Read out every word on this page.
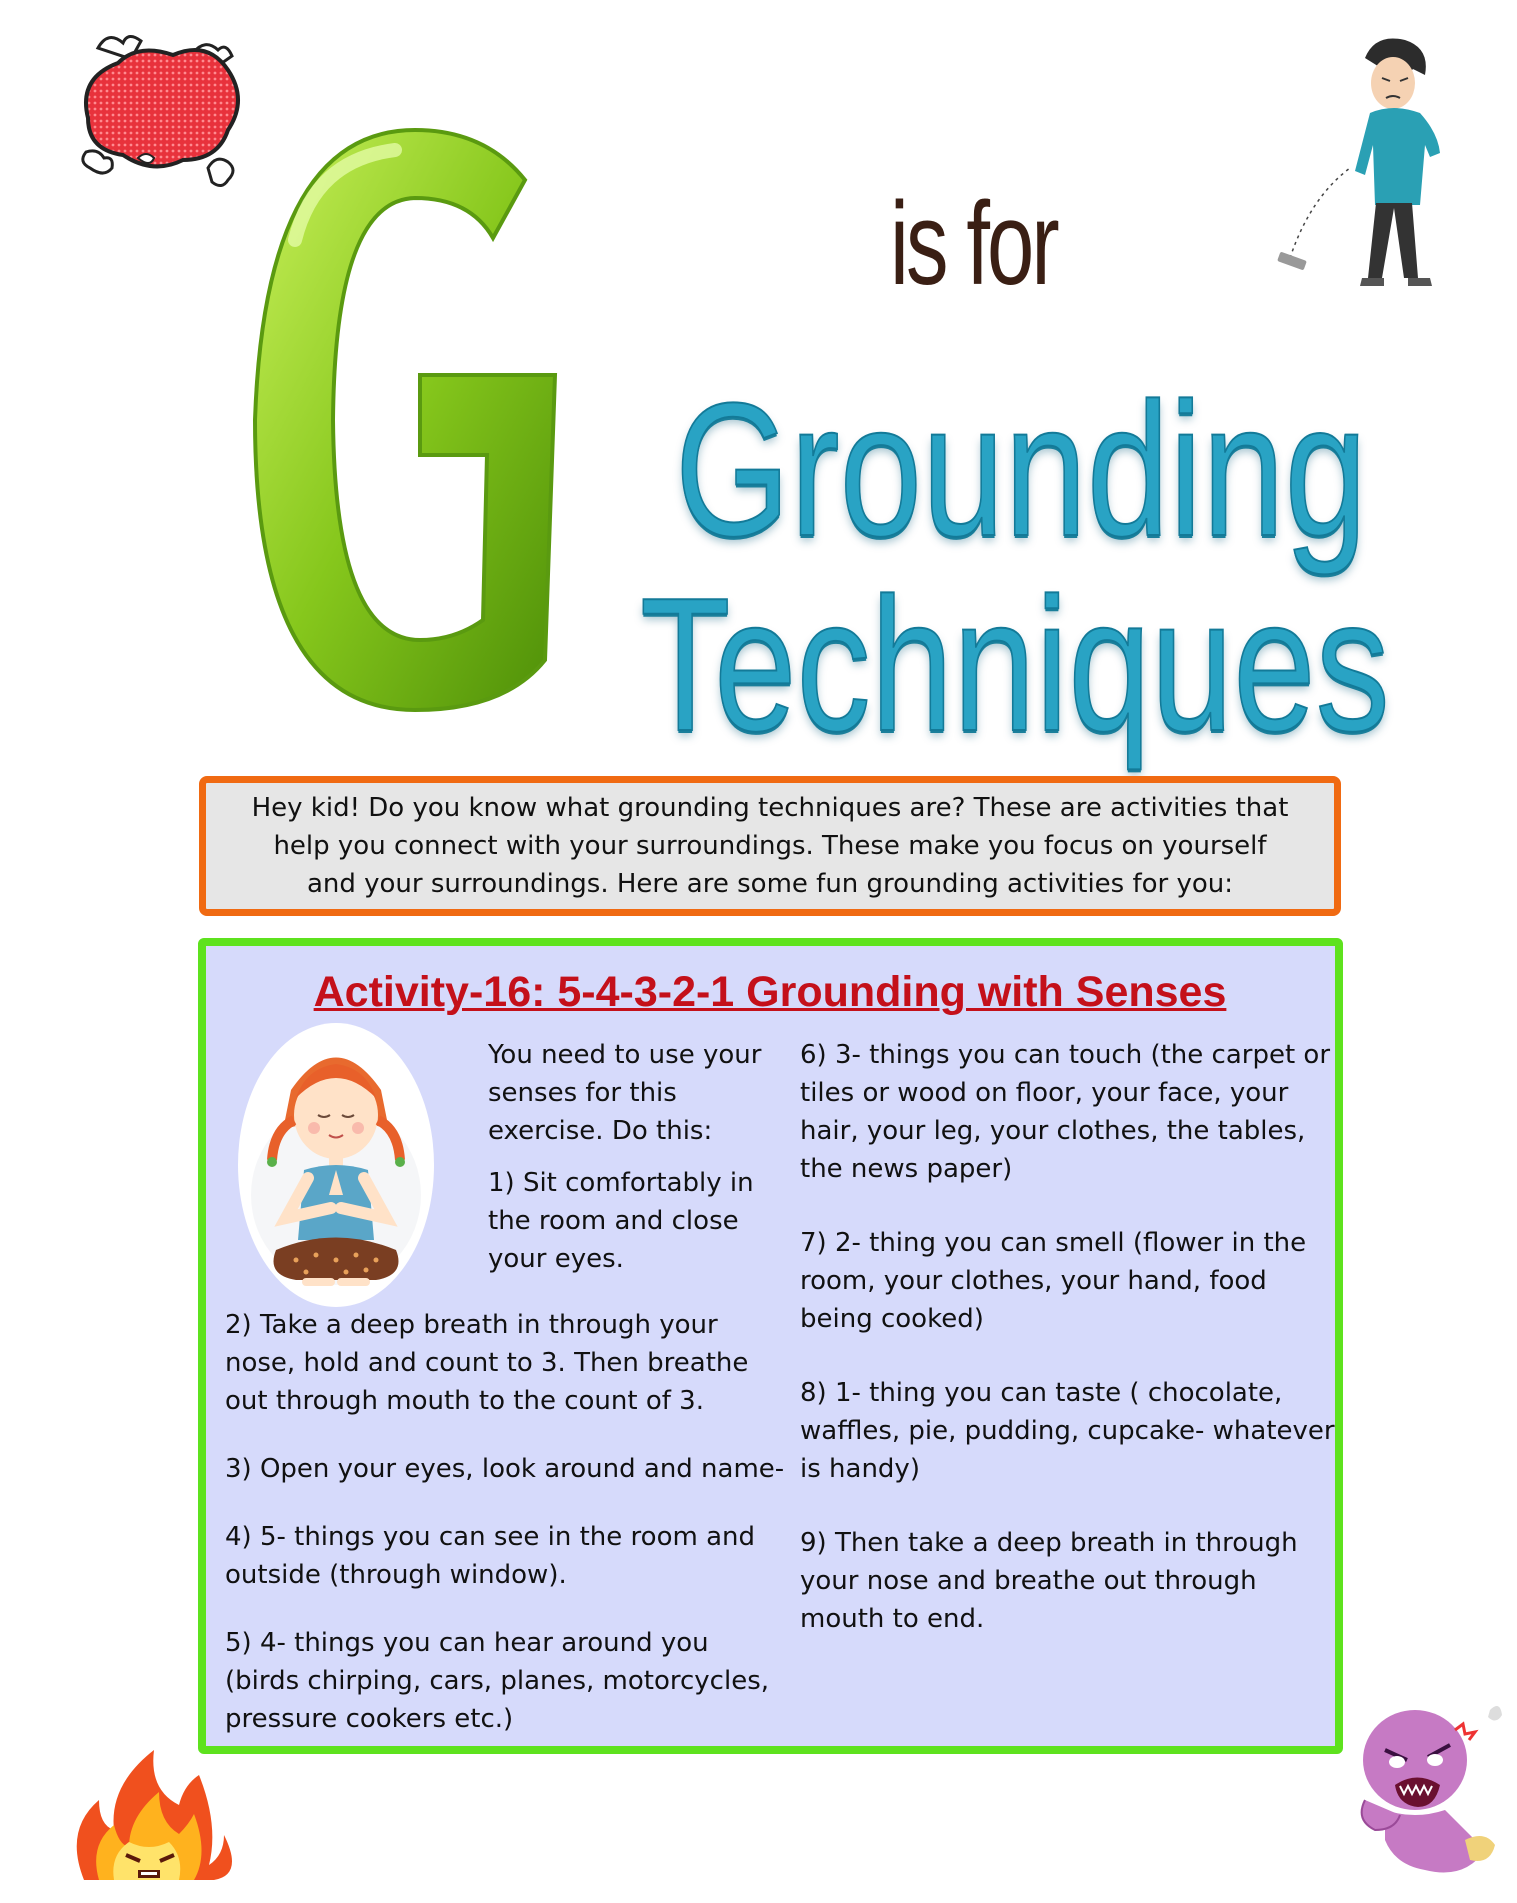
is for
Grounding
Techniques
Hey kid! Do you know what grounding techniques are? These are activities that help you connect with your surroundings. These make you focus on yourself and your surroundings. Here are some fun grounding activities for you:
Activity-16: 5-4-3-2-1 Grounding with Senses

You need to use your senses for this exercise. Do this:

1) Sit comfortably in the room and close your eyes.

2) Take a deep breath in through your nose, hold and count to 3. Then breathe out through mouth to the count of 3.

3) Open your eyes, look around and name-

4) 5- things you can see in the room and outside (through window).

5) 4- things you can hear around you (birds chirping, cars, planes, motorcycles, pressure cookers etc.)

6) 3- things you can touch (the carpet or tiles or wood on floor, your face, your hair, your leg, your clothes, the tables, the news paper)

7) 2- thing you can smell (flower in the room, your clothes, your hand, food being cooked)

8) 1- thing you can taste ( chocolate, waffles, pie, pudding, cupcake- whatever is handy)

9) Then take a deep breath in through your nose and breathe out through mouth to end.
